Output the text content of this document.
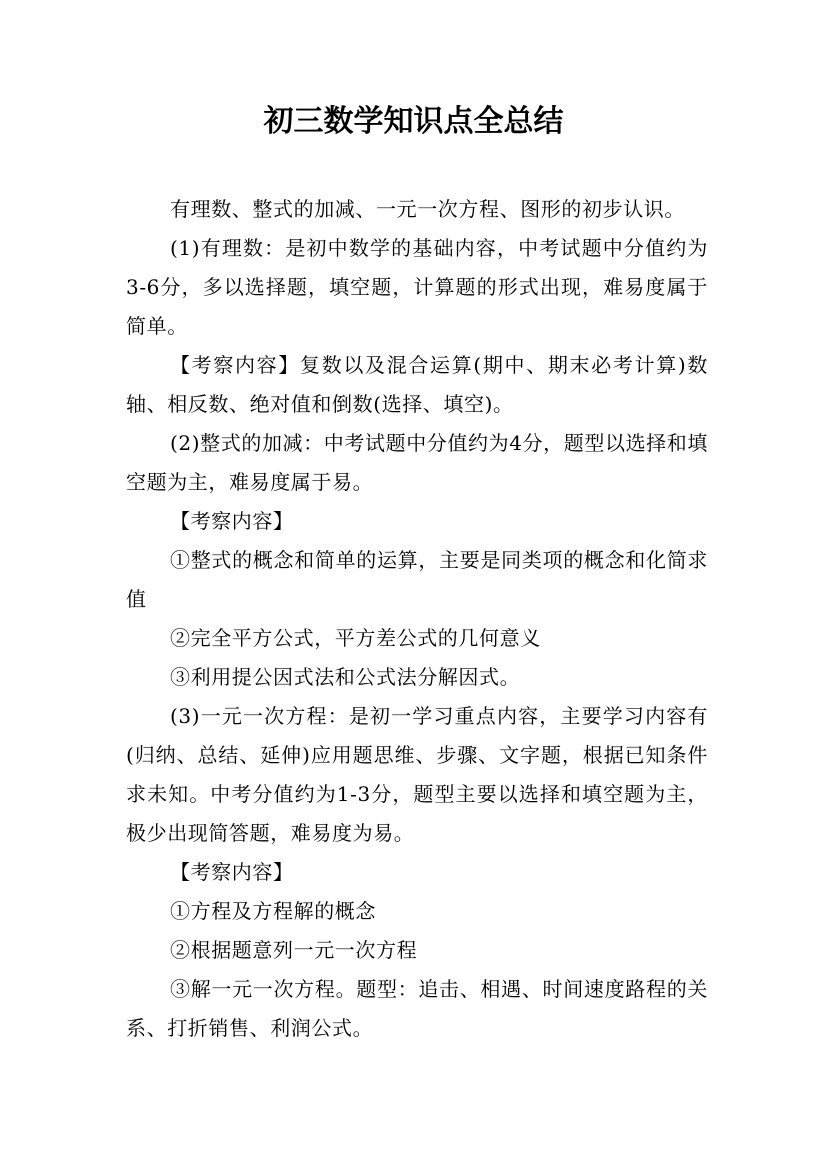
初三数学知识点全总结

有理数、整式的加减、一元一次方程、图形的初步认识。

(1)有理数：是初中数学的基础内容，中考试题中分值约为3-6分，多以选择题，填空题，计算题的形式出现，难易度属于简单。

【考察内容】复数以及混合运算(期中、期末必考计算)数轴、相反数、绝对值和倒数(选择、填空)。

(2)整式的加减：中考试题中分值约为4分，题型以选择和填空题为主，难易度属于易。

【考察内容】

①整式的概念和简单的运算，主要是同类项的概念和化简求值

②完全平方公式，平方差公式的几何意义

③利用提公因式法和公式法分解因式。

(3)一元一次方程：是初一学习重点内容，主要学习内容有(归纳、总结、延伸)应用题思维、步骤、文字题，根据已知条件求未知。中考分值约为1-3分，题型主要以选择和填空题为主，极少出现简答题，难易度为易。

【考察内容】

①方程及方程解的概念

②根据题意列一元一次方程

③解一元一次方程。题型：追击、相遇、时间速度路程的关系、打折销售、利润公式。
